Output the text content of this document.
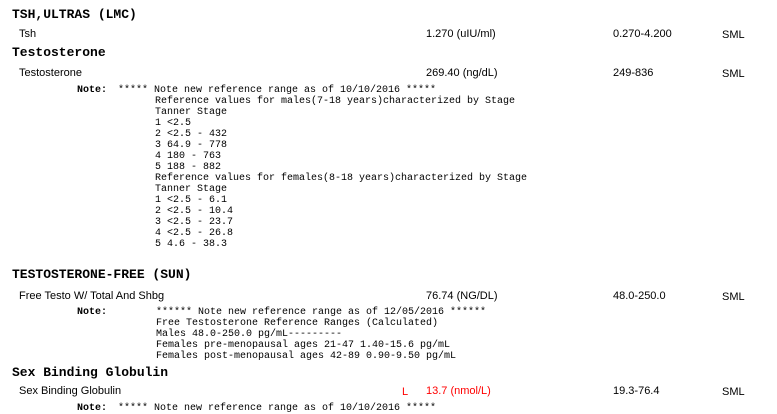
TSH,ULTRAS (LMC)
Tsh	1.270 (uIU/ml)	0.270-4.200	SML
Testosterone
Testosterone	269.40 (ng/dL)	249-836	SML
Note: ***** Note new reference range as of 10/10/2016 *****
Reference values for males(7-18 years)characterized by Stage
Tanner Stage
1 <2.5
2 <2.5 - 432
3 64.9 - 778
4 180 - 763
5 188 - 882
Reference values for females(8-18 years)characterized by Stage
Tanner Stage
1 <2.5 - 6.1
2 <2.5 - 10.4
3 <2.5 - 23.7
4 <2.5 - 26.8
5 4.6 - 38.3
TESTOSTERONE-FREE (SUN)
Free Testo W/ Total And Shbg	76.74 (NG/DL)	48.0-250.0	SML
Note:	****** Note new reference range as of 12/05/2016 ******
Free Testosterone Reference Ranges (Calculated)
Males 48.0-250.0 pg/mL---------
Females pre-menopausal ages 21-47 1.40-15.6 pg/mL
Females post-menopausal ages 42-89 0.90-9.50 pg/mL
Sex Binding Globulin
Sex Binding Globulin	L 13.7 (nmol/L)	19.3-76.4	SML
Note: ***** Note new reference range as of 10/10/2016 *****
